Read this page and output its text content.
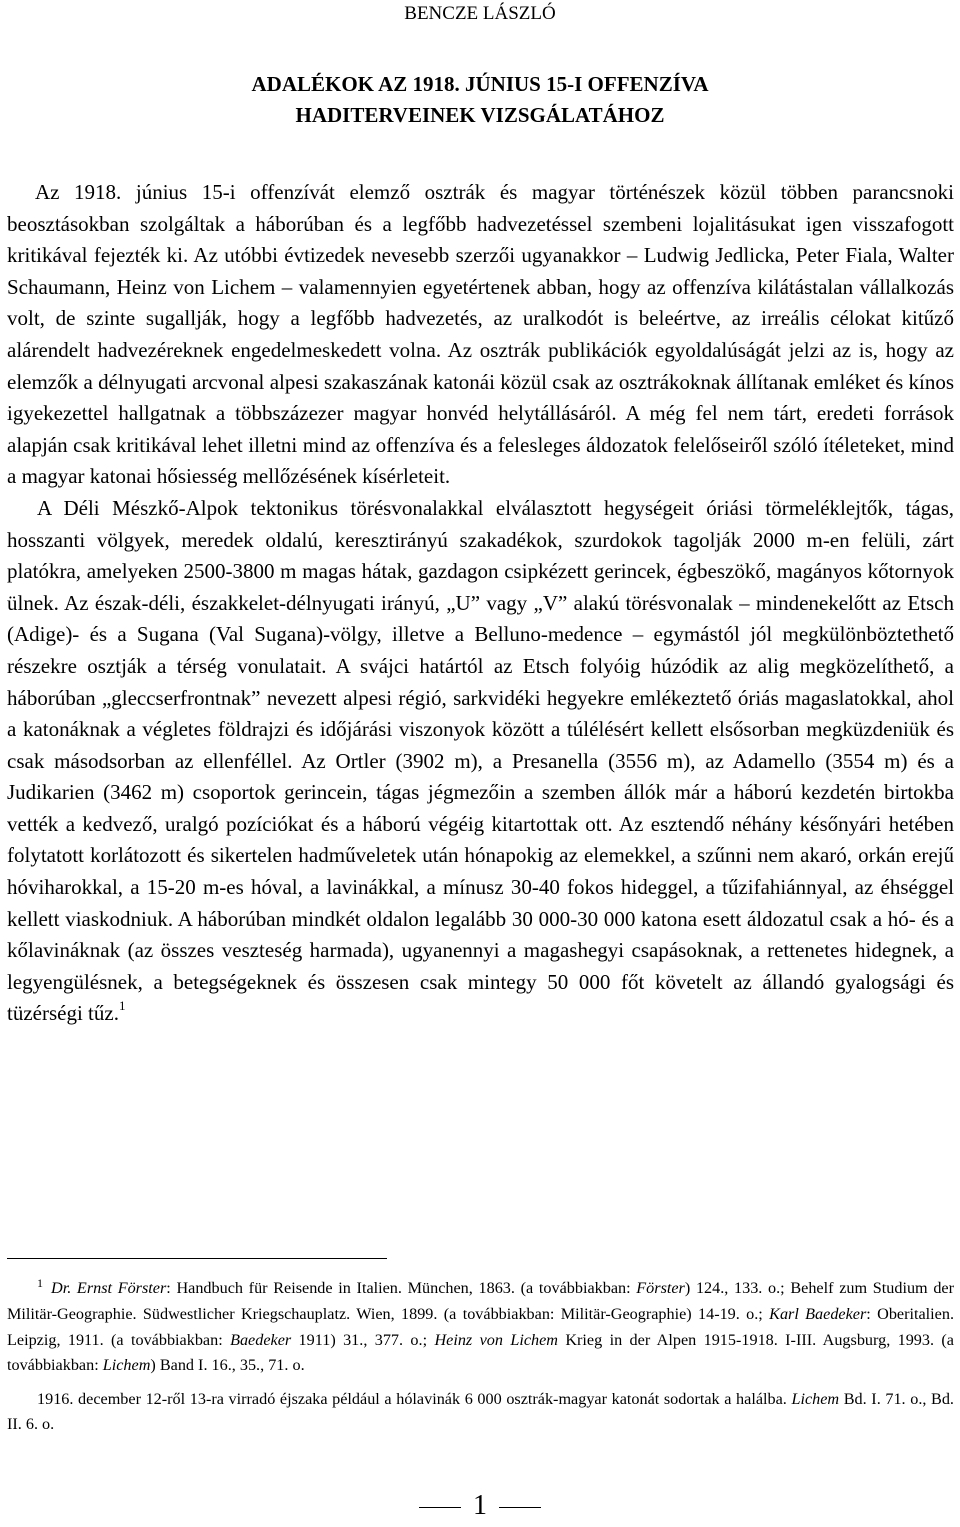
BENCZE LÁSZLÓ
ADALÉKOK AZ 1918. JÚNIUS 15-I OFFENZÍVA
HADITERVEINEK VIZSGÁLATÁHOZ

Az 1918. június 15-i offenzívát elemző osztrák és magyar történészek közül többen parancsnoki beosztásokban szolgáltak a háborúban és a legfőbb hadvezetéssel szembeni lojalitásukat igen visszafogott kritikával fejezték ki. Az utóbbi évtizedek nevesebb szerzői ugyanakkor – Ludwig Jedlicka, Peter Fiala, Walter Schaumann, Heinz von Lichem – valamennyien egyetértenek abban, hogy az offenzíva kilátástalan vállalkozás volt, de szinte sugallják, hogy a legfőbb hadvezetés, az uralkodót is beleértve, az irreális célokat kitűző alárendelt hadvezéreknek engedelmeskedett volna. Az osztrák publikációk egyoldalúságát jelzi az is, hogy az elemzők a délnyugati arcvonal alpesi szakaszának katonái közül csak az osztrákoknak állítanak emléket és kínos igyekezettel hallgatnak a többszázezer magyar honvéd helytállásáról. A még fel nem tárt, eredeti források alapján csak kritikával lehet illetni mind az offenzíva és a felesleges áldozatok felelőseiről szóló ítéleteket, mind a magyar katonai hősiesség mellőzésének kísérleteit.

A Déli Mészkő-Alpok tektonikus törésvonalakkal elválasztott hegységeit óriási törmeléklejtők, tágas, hosszanti völgyek, meredek oldalú, keresztirányú szakadékok, szurdokok tagolják 2000 m-en felüli, zárt platókra, amelyeken 2500-3800 m magas hátak, gazdagon csipkézett gerincek, égbeszökő, magányos kőtornyok ülnek. Az észak-déli, északkelet-délnyugati irányú, „U” vagy „V” alakú törésvonalak – mindenekelőtt az Etsch (Adige)- és a Sugana (Val Sugana)-völgy, illetve a Belluno-medence – egymástól jól megkülönböztethető részekre osztják a térség vonulatait. A svájci határtól az Etsch folyóig húzódik az alig megközelíthető, a háborúban „gleccserfrontnak” nevezett alpesi régió, sarkvidéki hegyekre emlékeztető óriás magaslatokkal, ahol a katonáknak a végletes földrajzi és időjárási viszonyok között a túlélésért kellett elsősorban megküzdeniük és csak másodsorban az ellenféllel. Az Ortler (3902 m), a Presanella (3556 m), az Adamello (3554 m) és a Judikarien (3462 m) csoportok gerincein, tágas jégmezőin a szemben állók már a háború kezdetén birtokba vették a kedvező, uralgó pozíciókat és a háború végéig kitartottak ott. Az esztendő néhány későnyári hetében folytatott korlátozott és sikertelen hadműveletek után hónapokig az elemekkel, a szűnni nem akaró, orkán erejű hóviharokkal, a 15-20 m-es hóval, a lavinákkal, a mínusz 30-40 fokos hideggel, a tűzifahiánnyal, az éhséggel kellett viaskodniuk. A háborúban mindkét oldalon legalább 30 000-30 000 katona esett áldozatul csak a hó- és a kőlavináknak (az összes veszteség harmada), ugyanennyi a magashegyi csapásoknak, a rettenetes hidegnek, a legyengülésnek, a betegségeknek és összesen csak mintegy 50 000 főt követelt az állandó gyalogsági és tüzérségi tűz.$^1$

$^1$ Dr. Ernst Förster: Handbuch für Reisende in Italien. München, 1863. (a továbbiakban: Förster) 124., 133. o.; Behelf zum Studium der Militär-Geographie. Südwestlicher Kriegschauplatz. Wien, 1899. (a továbbiakban: Militär-Geographie) 14-19. o.; Karl Baedeker: Oberitalien. Leipzig, 1911. (a továbbiakban: Baedeker 1911) 31., 377. o.; Heinz von Lichem Krieg in der Alpen 1915-1918. I-III. Augsburg, 1993. (a továbbiakban: Lichem) Band I. 16., 35., 71. o.

1916. december 12-ről 13-ra virradó éjszaka például a hólavinák 6 000 osztrák-magyar katonát sodortak a halálba. Lichem Bd. I. 71. o., Bd. II. 6. o.

1
